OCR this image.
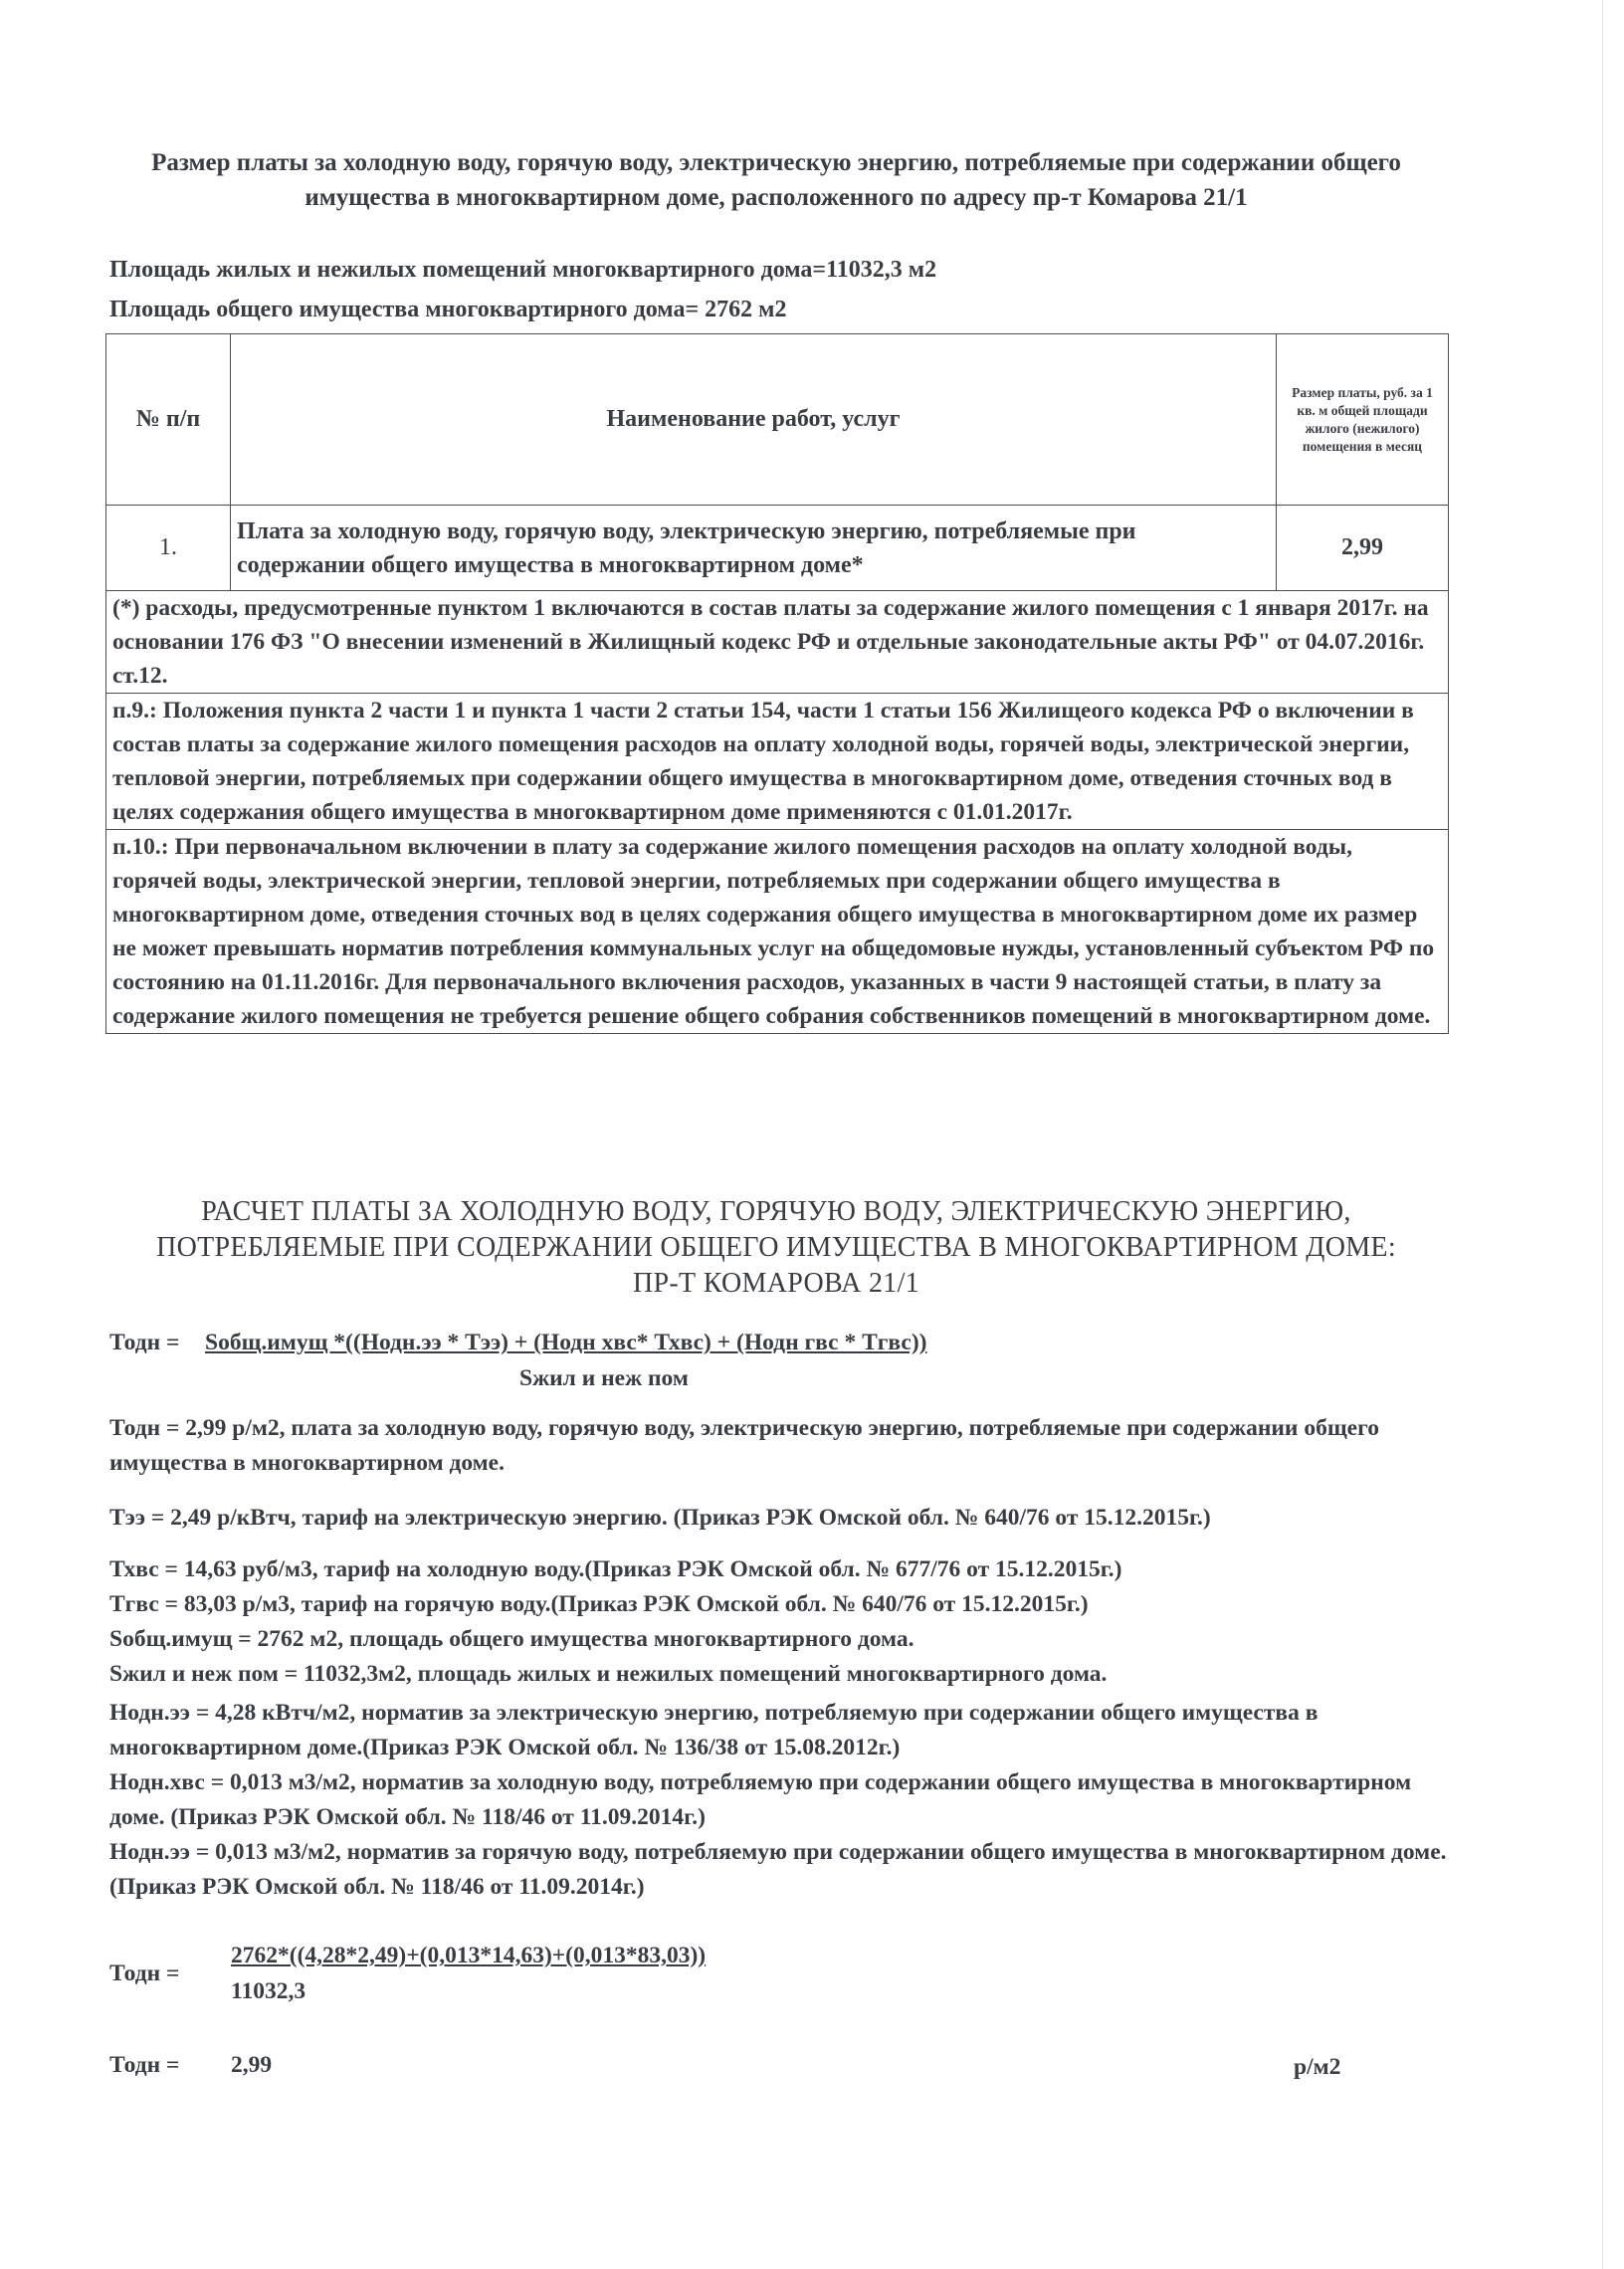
Размер платы за холодную воду, горячую воду, электрическую энергию, потребляемые при содержании общего имущества в многоквартирном доме, расположенного по адресу пр-т Комарова 21/1
Площадь жилых и нежилых помещений многоквартирного дома=11032,3 м2
Площадь общего имущества многоквартирного дома= 2762 м2
№ п/п	Наименование работ, услуг	Размер платы, руб. за 1 кв. м общей площади жилого (нежилого) помещения в месяц

1.	Плата за холодную воду, горячую воду, электрическую энергию, потребляемые при содержании общего имущества в многоквартирном доме*	2,99
(*) расходы, предусмотренные пунктом 1 включаются в состав платы за содержание жилого помещения с 1 января 2017г. на основании 176 ФЗ "О внесении изменений в Жилищный кодекс РФ и отдельные законодательные акты РФ" от 04.07.2016г. ст.12.		
п.9.: Положения пункта 2 части 1 и пункта 1 части 2 статьи 154, части 1 статьи 156 Жилищеого кодекса РФ о включении в состав платы за содержание жилого помещения расходов на оплату холодной воды, горячей воды, электрической энергии, тепловой энергии, потребляемых при содержании общего имущества в многоквартирном доме, отведения сточных вод в целях содержания общего имущества в многоквартирном доме применяются с 01.01.2017г.		
п.10.: При первоначальном включении в плату за содержание жилого помещения расходов на оплату холодной воды, горячей воды, электрической энергии, тепловой энергии, потребляемых при содержании общего имущества в многоквартирном доме, отведения сточных вод в целях содержания общего имущества в многоквартирном доме их размер не может превышать норматив потребления коммунальных услуг на общедомовые нужды, установленный субъектом РФ по состоянию на 01.11.2016г. Для первоначального включения расходов, указанных в части 9 настоящей статьи, в плату за содержание жилого помещения не требуется решение общего собрания собственников помещений в многоквартирном доме.		
РАСЧЕТ ПЛАТЫ ЗА ХОЛОДНУЮ ВОДУ, ГОРЯЧУЮ ВОДУ, ЭЛЕКТРИЧЕСКУЮ ЭНЕРГИЮ,
ПОТРЕБЛЯЕМЫЕ ПРИ СОДЕРЖАНИИ ОБЩЕГО ИМУЩЕСТВА В МНОГОКВАРТИРНОМ ДОМЕ:
ПР-Т КОМАРОВА 21/1
Тодн = Sобщ.имущ *((Нодн.ээ * Тээ) + (Нодн хвс* Тхвс) + (Нодн гвс * Тгвс))
Sжил и неж пом
Тодн = 2,99 р/м2, плата за холодную воду, горячую воду, электрическую энергию, потребляемые при содержании общего имущества в многоквартирном доме.
Тээ = 2,49 р/кВтч, тариф на электрическую энергию. (Приказ РЭК Омской обл. № 640/76 от 15.12.2015г.)
Тхвс = 14,63 руб/м3, тариф на холодную воду.(Приказ РЭК Омской обл. № 677/76 от 15.12.2015г.)
Тгвс = 83,03 р/м3, тариф на горячую воду.(Приказ РЭК Омской обл. № 640/76 от 15.12.2015г.)
Sобщ.имущ = 2762 м2, площадь общего имущества многоквартирного дома.
Sжил и неж пом = 11032,3м2, площадь жилых и нежилых помещений многоквартирного дома.
Нодн.ээ = 4,28 кВтч/м2, норматив за электрическую энергию, потребляемую при содержании общего имущества в многоквартирном доме.(Приказ РЭК Омской обл. № 136/38 от 15.08.2012г.)
Нодн.хвс = 0,013 м3/м2, норматив за холодную воду, потребляемую при содержании общего имущества в многоквартирном доме. (Приказ РЭК Омской обл. № 118/46 от 11.09.2014г.)
Нодн.ээ = 0,013 м3/м2, норматив за горячую воду, потребляемую при содержании общего имущества в многоквартирном доме. (Приказ РЭК Омской обл. № 118/46 от 11.09.2014г.)
Тодн =
2762*((4,28*2,49)+(0,013*14,63)+(0,013*83,03))
11032,3
Тодн = 2,99	р/м2
